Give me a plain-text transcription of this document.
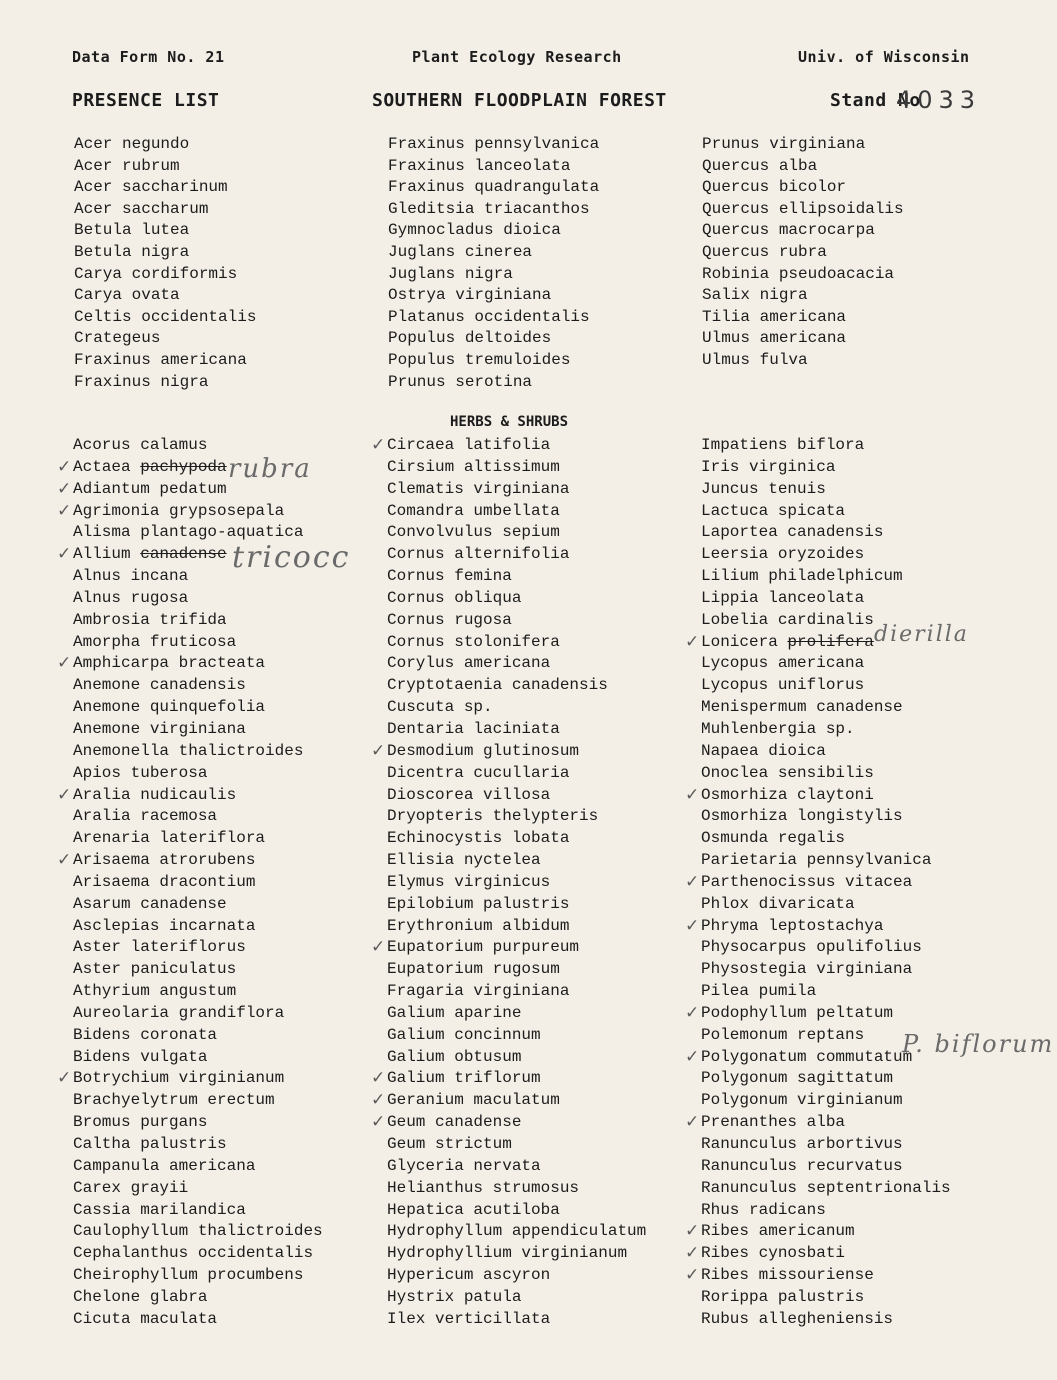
Data Form No. 21	Plant Ecology Research	Univ. of Wisconsin
PRESENCE LIST	SOUTHERN FLOODPLAIN FOREST	Stand No
4033
Acer negundo
Acer rubrum
Acer saccharinum
Acer saccharum
Betula lutea
Betula nigra
Carya cordiformis
Carya ovata
Celtis occidentalis
Crategeus
Fraxinus americana
Fraxinus nigra
Fraxinus pennsylvanica
Fraxinus lanceolata
Fraxinus quadrangulata
Gleditsia triacanthos
Gymnocladus dioica
Juglans cinerea
Juglans nigra
Ostrya virginiana
Platanus occidentalis
Populus deltoides
Populus tremuloides
Prunus serotina
Prunus virginiana
Quercus alba
Quercus bicolor
Quercus ellipsoidalis
Quercus macrocarpa
Quercus rubra
Robinia pseudoacacia
Salix nigra
Tilia americana
Ulmus americana
Ulmus fulva
HERBS & SHRUBS
Acorus calamus
✓ Actaea pachypoda
✓ Adiantum pedatum
✓ Agrimonia grypsosepala
Alisma plantago-aquatica
✓ Allium canadense
Alnus incana
Alnus rugosa
Ambrosia trifida
Amorpha fruticosa
✓ Amphicarpa bracteata
Anemone canadensis
Anemone quinquefolia
Anemone virginiana
Anemonella thalictroides
Apios tuberosa
✓ Aralia nudicaulis
Aralia racemosa
Arenaria lateriflora
✓ Arisaema atrorubens
Arisaema dracontium
Asarum canadense
Asclepias incarnata
Aster lateriflorus
Aster paniculatus
Athyrium angustum
Aureolaria grandiflora
Bidens coronata
Bidens vulgata
✓ Botrychium virginianum
Brachyelytrum erectum
Bromus purgans
Caltha palustris
Campanula americana
Carex grayii
Cassia marilandica
Caulophyllum thalictroides
Cephalanthus occidentalis
Cheirophyllum procumbens
Chelone glabra
Cicuta maculata
✓ Circaea latifolia
Cirsium altissimum
Clematis virginiana
Comandra umbellata
Convolvulus sepium
Cornus alternifolia
Cornus femina
Cornus obliqua
Cornus rugosa
Cornus stolonifera
Corylus americana
Cryptotaenia canadensis
Cuscuta sp.
Dentaria laciniata
✓ Desmodium glutinosum
Dicentra cucullaria
Dioscorea villosa
Dryopteris thelypteris
Echinocystis lobata
Ellisia nyctelea
Elymus virginicus
Epilobium palustris
Erythronium albidum
✓ Eupatorium purpureum
Eupatorium rugosum
Fragaria virginiana
Galium aparine
Galium concinnum
Galium obtusum
✓ Galium triflorum
✓ Geranium maculatum
✓ Geum canadense
Geum strictum
Glyceria nervata
Helianthus strumosus
Hepatica acutiloba
Hydrophyllum appendiculatum
Hydrophyllium virginianum
Hypericum ascyron
Hystrix patula
Ilex verticillata
Impatiens biflora
Iris virginica
Juncus tenuis
Lactuca spicata
Laportea canadensis
Leersia oryzoides
Lilium philadelphicum
Lippia lanceolata
Lobelia cardinalis
✓ Lonicera prolifera
Lycopus americana
Lycopus uniflorus
Menispermum canadense
Muhlenbergia sp.
Napaea dioica
Onoclea sensibilis
✓ Osmorhiza claytoni
Osmorhiza longistylis
Osmunda regalis
Parietaria pennsylvanica
✓ Parthenocissus vitacea
Phlox divaricata
✓ Phryma leptostachya
Physocarpus opulifolius
Physostegia virginiana
Pilea pumila
✓ Podophyllum peltatum
Polemonum reptans
✓ Polygonatum commutatum
Polygonum sagittatum
Polygonum virginianum
✓ Prenanthes alba
Ranunculus arbortivus
Ranunculus recurvatus
Ranunculus septentrionalis
Rhus radicans
✓ Ribes americanum
✓ Ribes cynosbati
✓ Ribes missouriense
Rorippa palustris
Rubus allegheniensis
rubra
tricocc
dierilla
P. biflorum
